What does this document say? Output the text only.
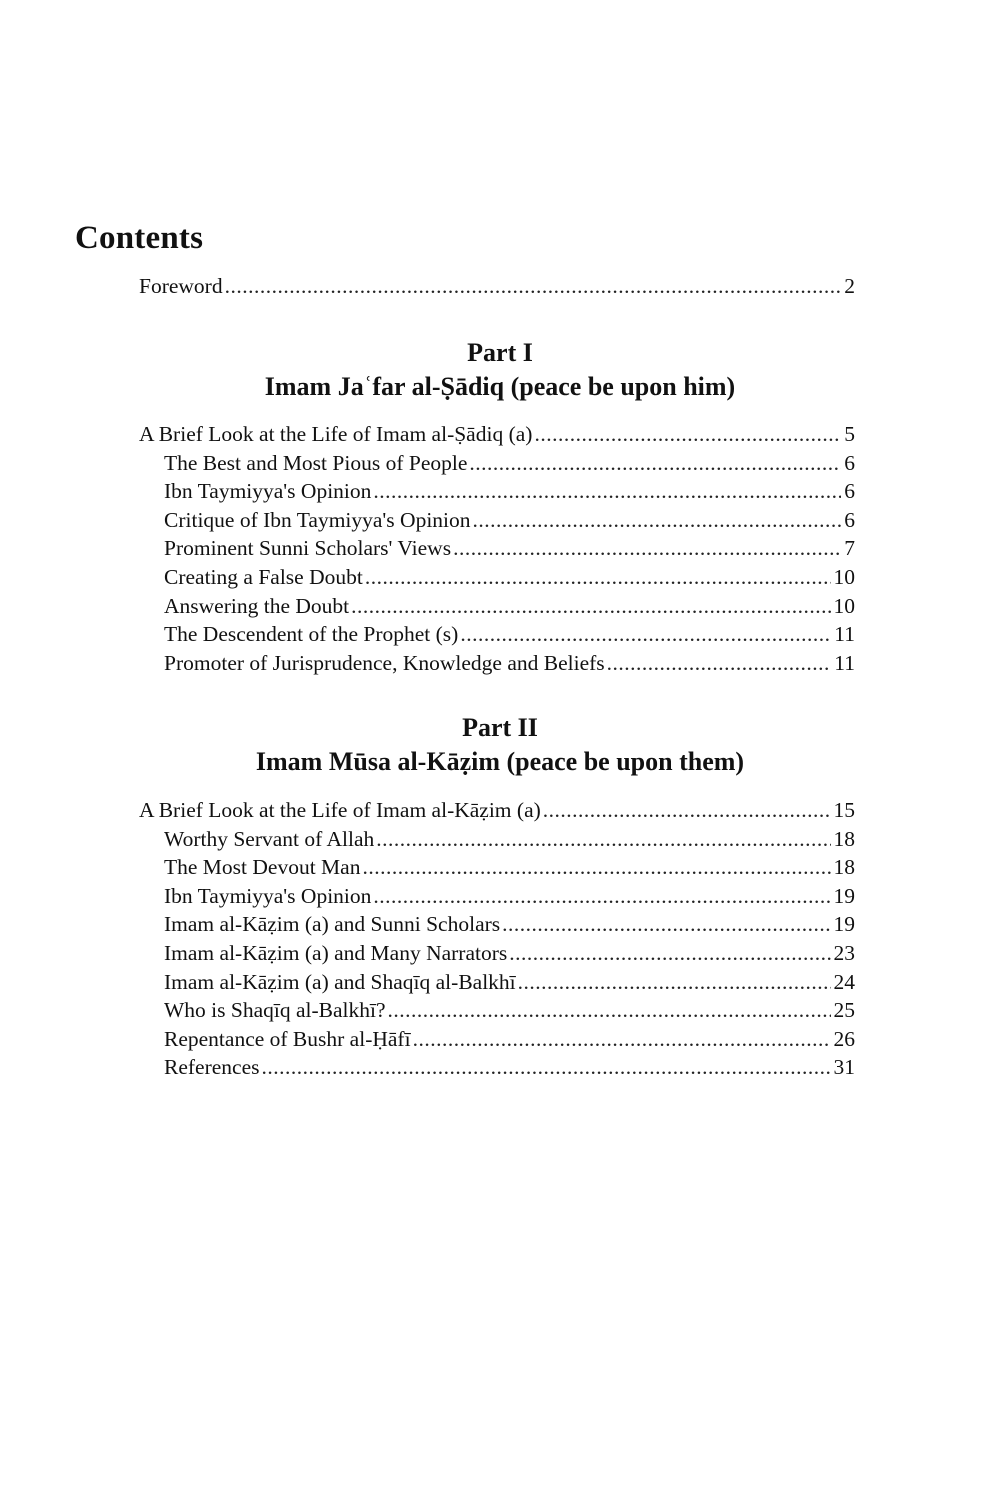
Contents
Foreword .....	2
Part I
Imam Jaʿfar al-Ṣādiq (peace be upon him)
A Brief Look at the Life of Imam al-Ṣādiq (a) .....	5
The Best and Most Pious of People .....	6
Ibn Taymiyya's Opinion .....	6
Critique of Ibn Taymiyya's Opinion .....	6
Prominent Sunni Scholars' Views .....	7
Creating a False Doubt .....	10
Answering the Doubt .....	10
The Descendent of the Prophet (s) .....	11
Promoter of Jurisprudence, Knowledge and Beliefs .....	11
Part II
Imam Mūsa al-Kāẓim (peace be upon them)
A Brief Look at the Life of Imam al-Kāẓim (a) .....	15
Worthy Servant of Allah .....	18
The Most Devout Man .....	18
Ibn Taymiyya's Opinion .....	19
Imam al-Kāẓim (a) and Sunni Scholars .....	19
Imam al-Kāẓim (a) and Many Narrators .....	23
Imam al-Kāẓim (a) and Shaqīq al-Balkhī .....	24
Who is Shaqīq al-Balkhī? .....	25
Repentance of Bushr al-Ḥāfī .....	26
References .....	31
